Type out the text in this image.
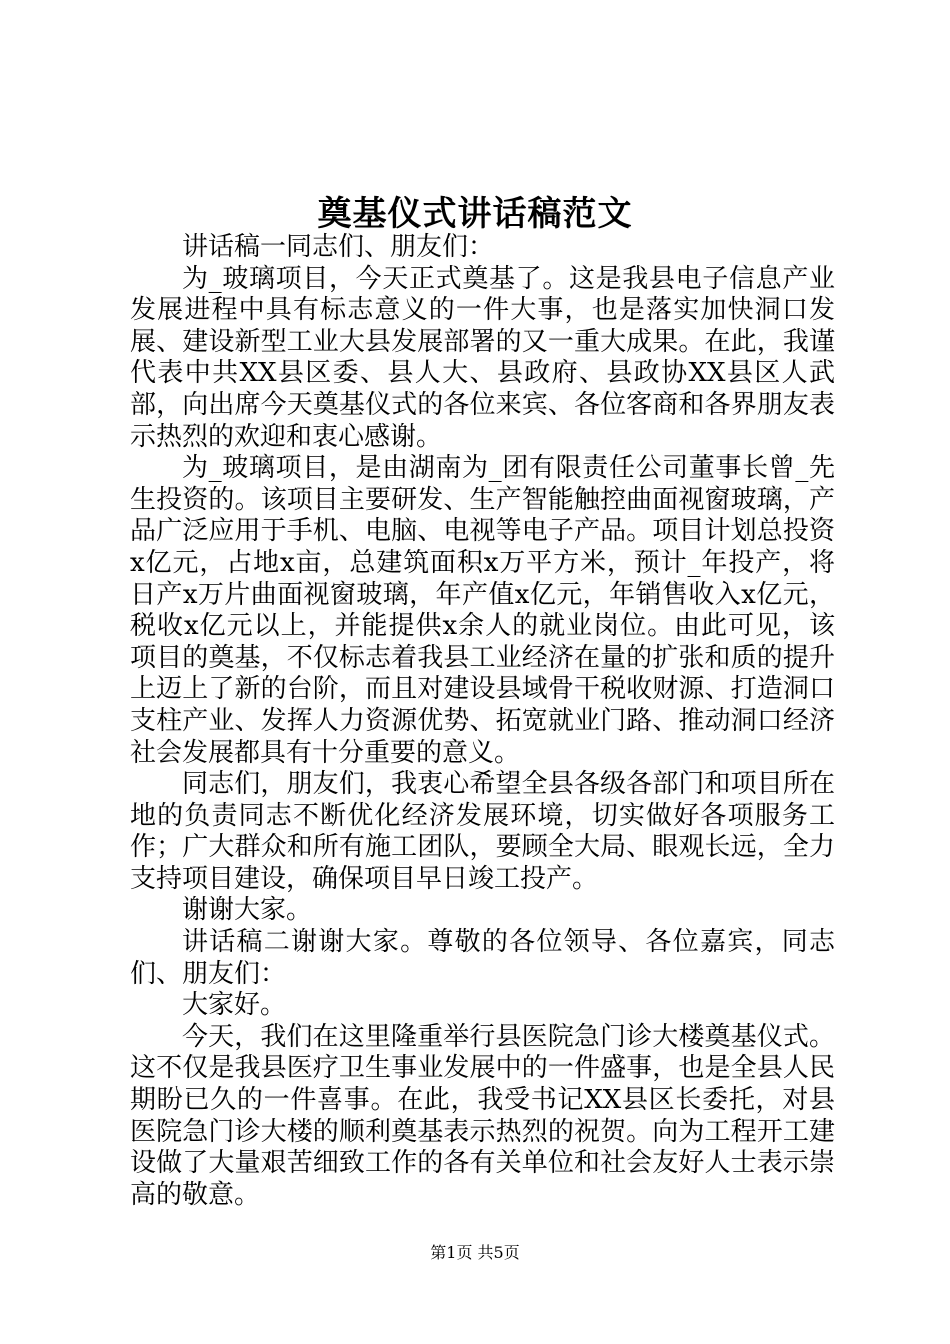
奠基仪式讲话稿范文

讲话稿一同志们、朋友们：

为_玻璃项目，今天正式奠基了。这是我县电子信息产业发展进程中具有标志意义的一件大事，也是落实加快洞口发展、建设新型工业大县发展部署的又一重大成果。在此，我谨代表中共XX县区委、县人大、县政府、县政协XX县区人武部，向出席今天奠基仪式的各位来宾、各位客商和各界朋友表示热烈的欢迎和衷心感谢。

为_玻璃项目，是由湖南为_团有限责任公司董事长曾_先生投资的。该项目主要研发、生产智能触控曲面视窗玻璃，产品广泛应用于手机、电脑、电视等电子产品。项目计划总投资x亿元，占地x亩，总建筑面积x万平方米，预计_年投产，将日产x万片曲面视窗玻璃，年产值x亿元，年销售收入x亿元，税收x亿元以上，并能提供x余人的就业岗位。由此可见，该项目的奠基，不仅标志着我县工业经济在量的扩张和质的提升上迈上了新的台阶，而且对建设县域骨干税收财源、打造洞口支柱产业、发挥人力资源优势、拓宽就业门路、推动洞口经济社会发展都具有十分重要的意义。

同志们，朋友们，我衷心希望全县各级各部门和项目所在地的负责同志不断优化经济发展环境，切实做好各项服务工作；广大群众和所有施工团队，要顾全大局、眼观长远，全力支持项目建设，确保项目早日竣工投产。

谢谢大家。

讲话稿二谢谢大家。尊敬的各位领导、各位嘉宾，同志们、朋友们：

大家好。

今天，我们在这里隆重举行县医院急门诊大楼奠基仪式。这不仅是我县医疗卫生事业发展中的一件盛事，也是全县人民期盼已久的一件喜事。在此，我受书记XX县区长委托，对县医院急门诊大楼的顺利奠基表示热烈的祝贺。向为工程开工建设做了大量艰苦细致工作的各有关单位和社会友好人士表示崇高的敬意。

第1页 共5页
